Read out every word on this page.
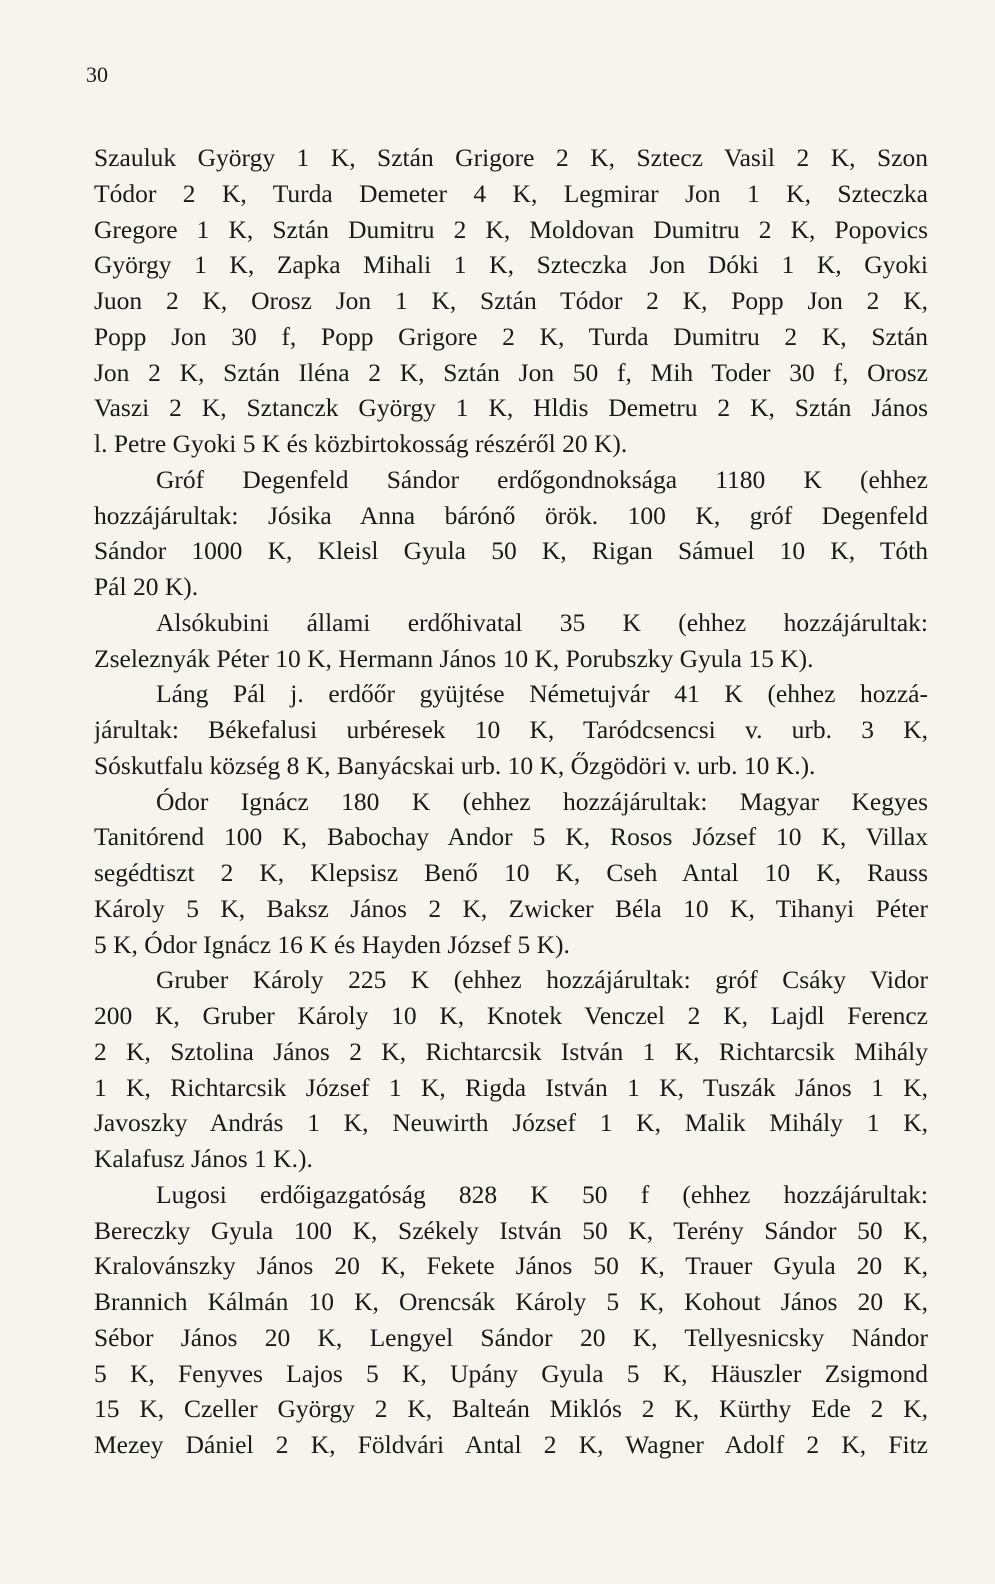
30
Szauluk György 1 K, Sztán Grigore 2 K, Sztecz Vasil 2 K, Szon
Tódor 2 K, Turda Demeter 4 K, Legmirar Jon 1 K, Szteczka
Gregore 1 K, Sztán Dumitru 2 K, Moldovan Dumitru 2 K, Popovics
György 1 K, Zapka Mihali 1 K, Szteczka Jon Dóki 1 K, Gyoki
Juon 2 K, Orosz Jon 1 K, Sztán Tódor 2 K, Popp Jon 2 K,
Popp Jon 30 f, Popp Grigore 2 K, Turda Dumitru 2 K, Sztán
Jon 2 K, Sztán Iléna 2 K, Sztán Jon 50 f, Mih Toder 30 f, Orosz
Vaszi 2 K, Sztanczk György 1 K, Hldis Demetru 2 K, Sztán János
l. Petre Gyoki 5 K és közbirtokosság részéről 20 K).
Gróf Degenfeld Sándor erdőgondnoksága 1180 K (ehhez
hozzájárultak: Jósika Anna bárónő örök. 100 K, gróf Degenfeld
Sándor 1000 K, Kleisl Gyula 50 K, Rigan Sámuel 10 K, Tóth
Pál 20 K).
Alsókubini állami erdőhivatal 35 K (ehhez hozzájárultak:
Zseleznyák Péter 10 K, Hermann János 10 K, Porubszky Gyula 15 K).
Láng Pál j. erdőőr gyüjtése Németujvár 41 K (ehhez hozzá-
járultak: Békefalusi urbéresek 10 K, Taródcsencsi v. urb. 3 K,
Sóskutfalu község 8 K, Banyácskai urb. 10 K, Őzgödöri v. urb. 10 K.).
Ódor Ignácz 180 K (ehhez hozzájárultak: Magyar Kegyes
Tanitórend 100 K, Babochay Andor 5 K, Rosos József 10 K, Villax
segédtiszt 2 K, Klepsisz Benő 10 K, Cseh Antal 10 K, Rauss
Károly 5 K, Baksz János 2 K, Zwicker Béla 10 K, Tihanyi Péter
5 K, Ódor Ignácz 16 K és Hayden József 5 K).
Gruber Károly 225 K (ehhez hozzájárultak: gróf Csáky Vidor
200 K, Gruber Károly 10 K, Knotek Venczel 2 K, Lajdl Ferencz
2 K, Sztolina János 2 K, Richtarcsik István 1 K, Richtarcsik Mihály
1 K, Richtarcsik József 1 K, Rigda István 1 K, Tuszák János 1 K,
Javoszky András 1 K, Neuwirth József 1 K, Malik Mihály 1 K,
Kalafusz János 1 K.).
Lugosi erdőigazgatóság 828 K 50 f (ehhez hozzájárultak:
Bereczky Gyula 100 K, Székely István 50 K, Terény Sándor 50 K,
Kralovánszky János 20 K, Fekete János 50 K, Trauer Gyula 20 K,
Brannich Kálmán 10 K, Orencsák Károly 5 K, Kohout János 20 K,
Sébor János 20 K, Lengyel Sándor 20 K, Tellyesnicsky Nándor
5 K, Fenyves Lajos 5 K, Upány Gyula 5 K, Häuszler Zsigmond
15 K, Czeller György 2 K, Balteán Miklós 2 K, Kürthy Ede 2 K,
Mezey Dániel 2 K, Földvári Antal 2 K, Wagner Adolf 2 K, Fitz
